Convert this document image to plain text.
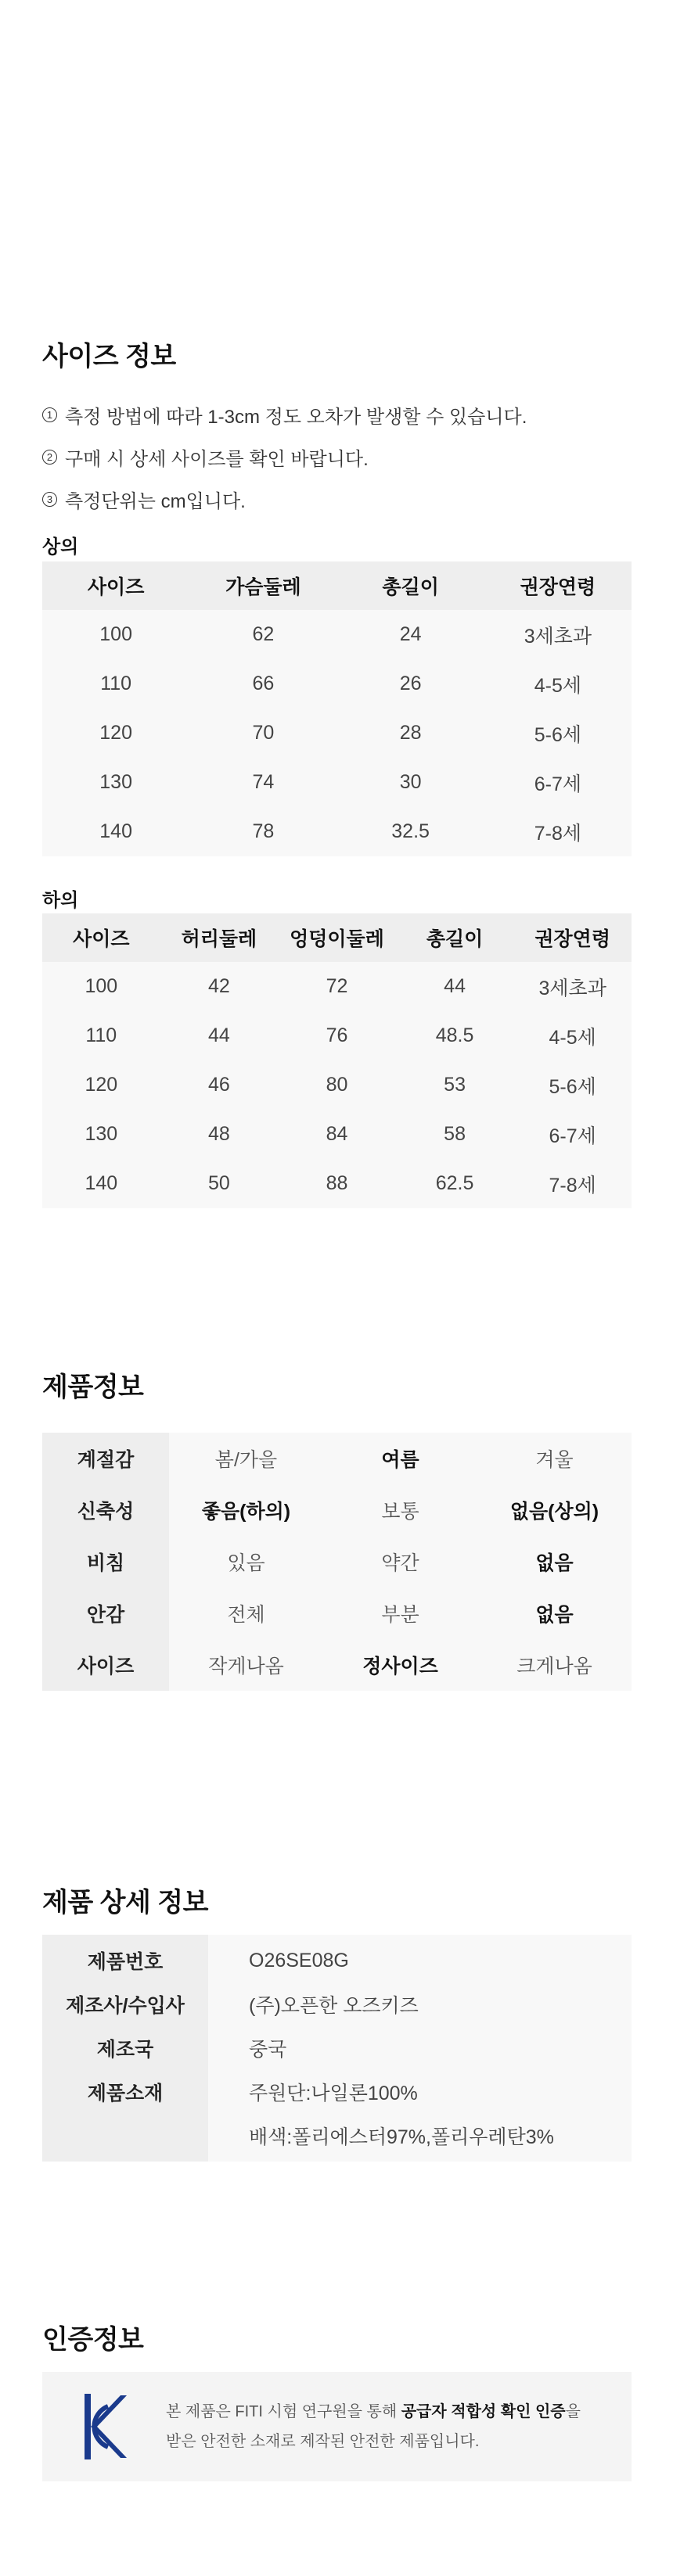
사이즈 정보
1 측정 방법에 따라 1-3cm 정도 오차가 발생할 수 있습니다.
2 구매 시 상세 사이즈를 확인 바랍니다.
3 측정단위는 cm입니다.
상의
사이즈	가슴둘레	총길이	권장연령
100	62	24	3세초과
110	66	26	4-5세
120	70	28	5-6세
130	74	30	6-7세
140	78	32.5	7-8세
하의
사이즈	허리둘레	엉덩이둘레	총길이	권장연령
100	42	72	44	3세초과
110	44	76	48.5	4-5세
120	46	80	53	5-6세
130	48	84	58	6-7세
140	50	88	62.5	7-8세
제품정보
계절감	봄/가을	여름	겨울
신축성	좋음(하의)	보통	없음(상의)
비침	있음	약간	없음
안감	전체	부분	없음
사이즈	작게나옴	정사이즈	크게나옴
제품 상세 정보
제품번호	O26SE08G
제조사/수입사	(주)오픈한 오즈키즈
제조국	중국
제품소재	주원단:나일론100%
배색:폴리에스터97%,폴리우레탄3%
인증정보
본 제품은 FITI 시험 연구원을 통해 공급자 적합성 확인 인증을
받은 안전한 소재로 제작된 안전한 제품입니다.
